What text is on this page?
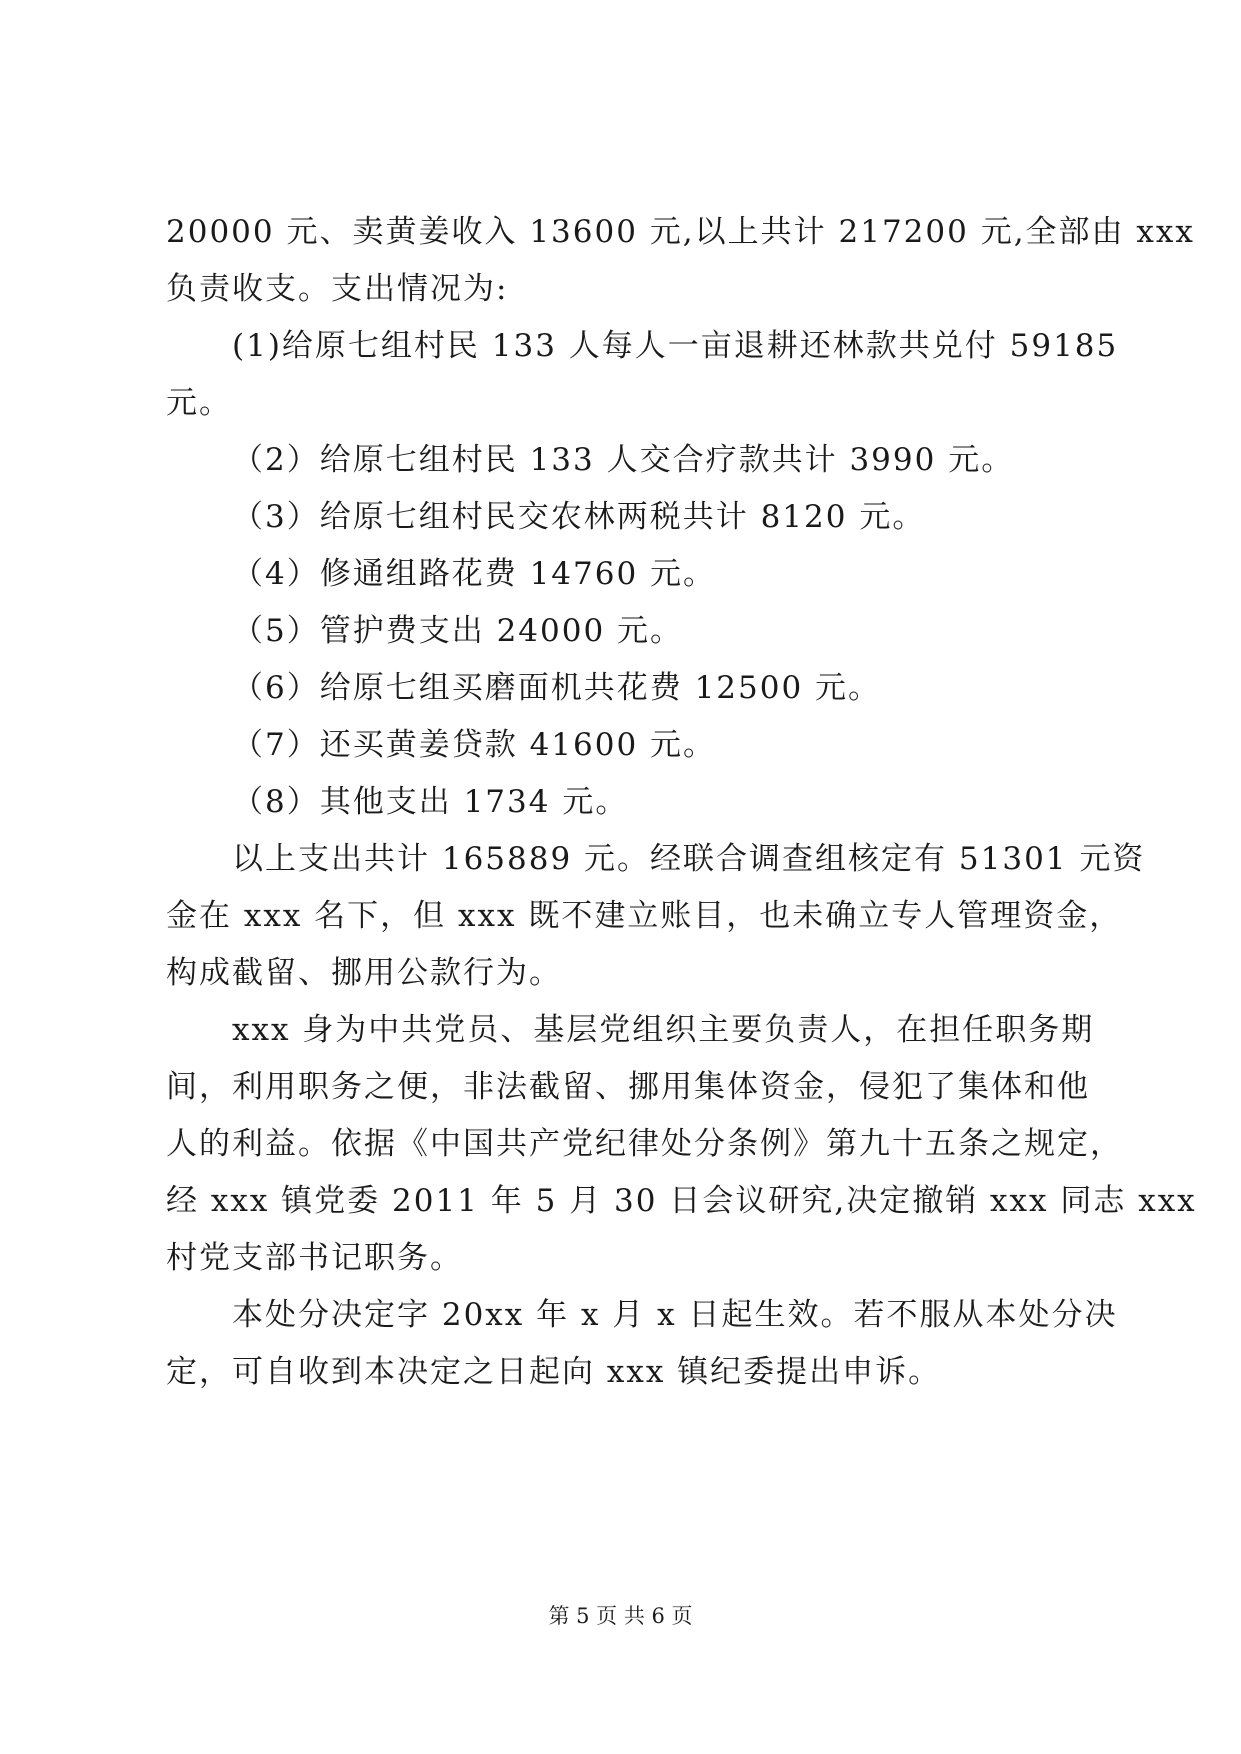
20000 元、卖黄姜收入 13600 元,以上共计 217200 元,全部由 xxx
负责收支。支出情况为:
(1)给原七组村民 133 人每人一亩退耕还林款共兑付 59185
元。
（2）给原七组村民 133 人交合疗款共计 3990 元。
（3）给原七组村民交农林两税共计 8120 元。
（4）修通组路花费 14760 元。
（5）管护费支出 24000 元。
（6）给原七组买磨面机共花费 12500 元。
（7）还买黄姜贷款 41600 元。
（8）其他支出 1734 元。
以上支出共计 165889 元。经联合调查组核定有 51301 元资
金在 xxx 名下，但 xxx 既不建立账目，也未确立专人管理资金，
构成截留、挪用公款行为。
xxx 身为中共党员、基层党组织主要负责人，在担任职务期
间，利用职务之便，非法截留、挪用集体资金，侵犯了集体和他
人的利益。依据《中国共产党纪律处分条例》第九十五条之规定，
经 xxx 镇党委 2011 年 5 月 30 日会议研究,决定撤销 xxx 同志 xxx
村党支部书记职务。
本处分决定字 20xx 年 x 月 x 日起生效。若不服从本处分决
定，可自收到本决定之日起向 xxx 镇纪委提出申诉。
第 5 页 共 6 页
